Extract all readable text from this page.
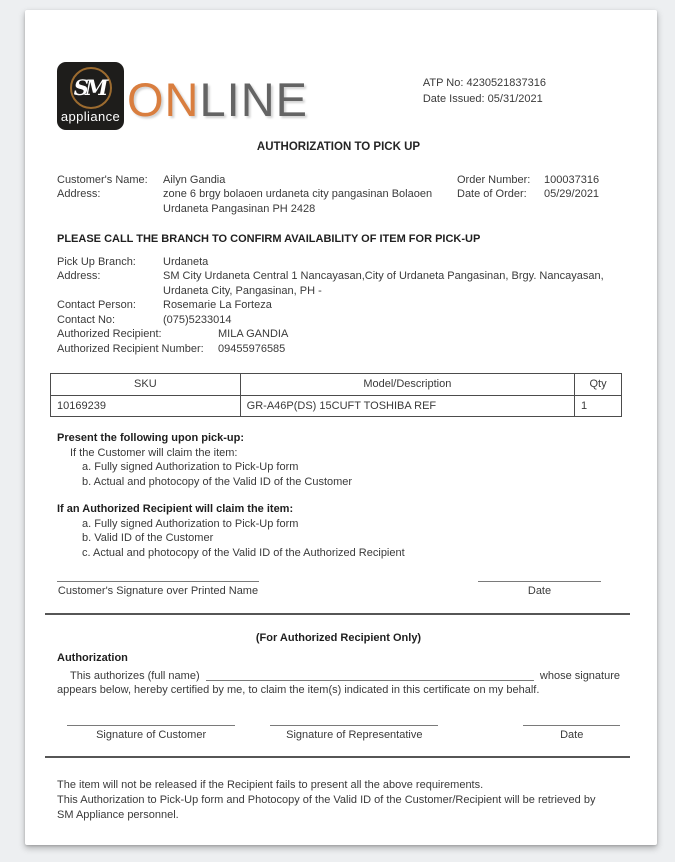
SM
appliance ONLINE	ATP No: 4230521837316
Date Issued: 05/31/2021
AUTHORIZATION TO PICK UP
Customer's Name:	Ailyn Gandia
Address:	zone 6 brgy bolaoen urdaneta city pangasinan Bolaoen
Urdaneta Pangasinan PH 2428
Order Number:	100037316
Date of Order:	05/29/2021
PLEASE CALL THE BRANCH TO CONFIRM AVAILABILITY OF ITEM FOR PICK-UP
Pick Up Branch:	Urdaneta
Address:	SM City Urdaneta Central 1 Nancayasan,City of Urdaneta Pangasinan, Brgy. Nancayasan,
Urdaneta City, Pangasinan, PH -
Contact Person:	Rosemarie La Forteza
Contact No:	(075)5233014
Authorized Recipient:	MILA GANDIA
Authorized Recipient Number:	09455976585
SKU	Model/Description	Qty
10169239	GR-A46P(DS) 15CUFT TOSHIBA REF	1
Present the following upon pick-up:
If the Customer will claim the item:
a. Fully signed Authorization to Pick-Up form
b. Actual and photocopy of the Valid ID of the Customer
If an Authorized Recipient will claim the item:
a. Fully signed Authorization to Pick-Up form
b. Valid ID of the Customer
c. Actual and photocopy of the Valid ID of the Authorized Recipient
Customer's Signature over Printed Name	Date
(For Authorized Recipient Only)
Authorization
This authorizes (full name)	whose signature
appears below, hereby certified by me, to claim the item(s) indicated in this certificate on my behalf.
Signature of Customer	Signature of Representative	Date

The item will not be released if the Recipient fails to present all the above requirements.

This Authorization to Pick-Up form and Photocopy of the Valid ID of the Customer/Recipient will be retrieved by SM Appliance personnel.
